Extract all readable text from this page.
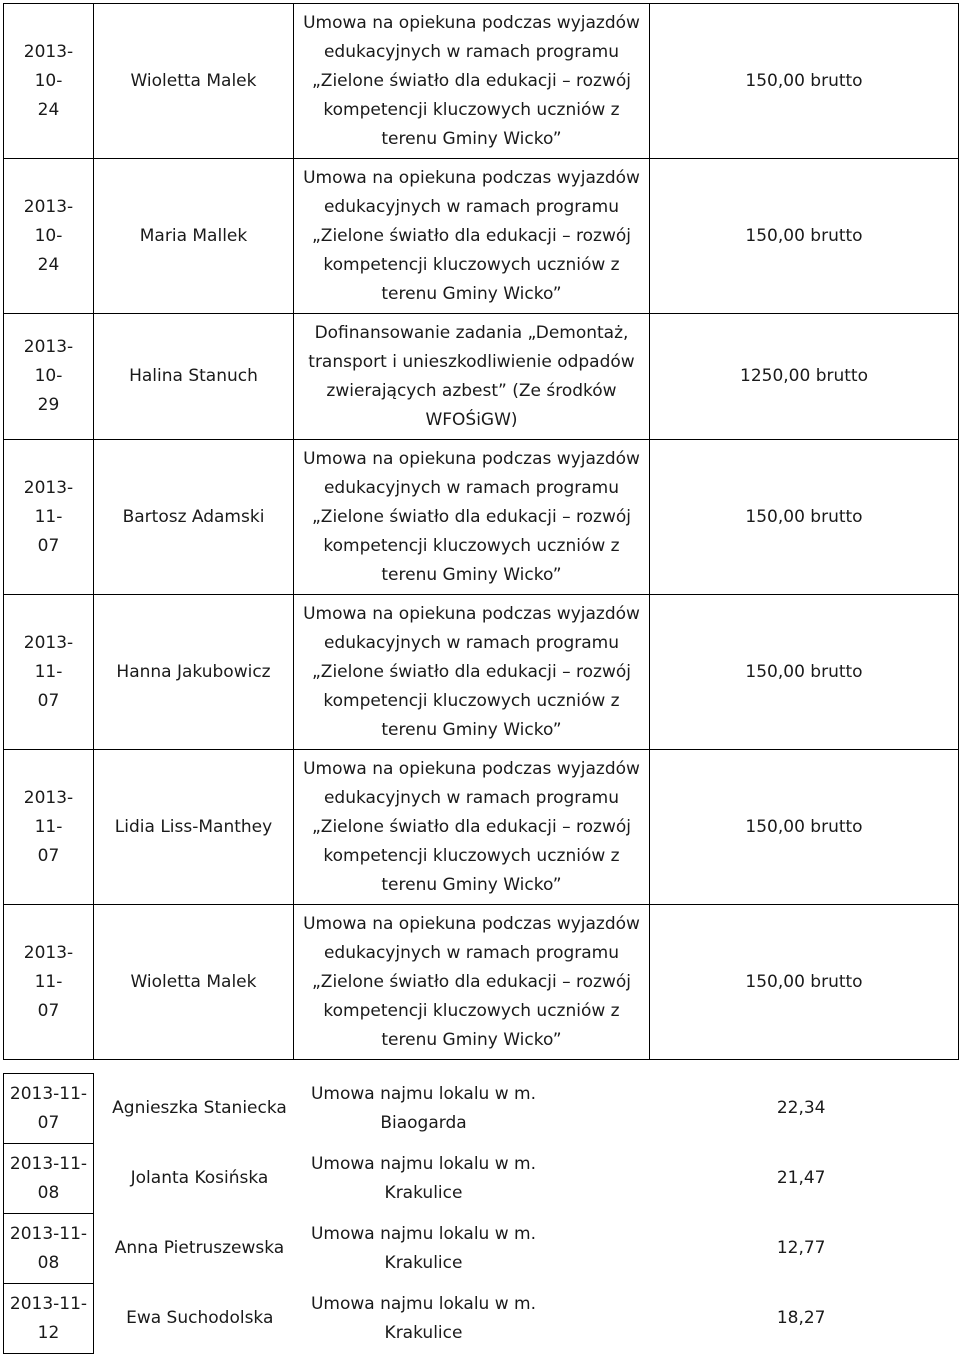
2013-10-
24	Wioletta Malek	Umowa na opiekuna podczas wyjazdów
edukacyjnych w ramach programu
„Zielone światło dla edukacji – rozwój
kompetencji kluczowych uczniów z
terenu Gminy Wicko”	150,00 brutto
2013-10-
24	Maria Mallek	Umowa na opiekuna podczas wyjazdów
edukacyjnych w ramach programu
„Zielone światło dla edukacji – rozwój
kompetencji kluczowych uczniów z
terenu Gminy Wicko”	150,00 brutto
2013-10-
29	Halina Stanuch	Dofinansowanie zadania „Demontaż,
transport i unieszkodliwienie odpadów
zwierających azbest” (Ze środków
WFOŚiGW)	1250,00 brutto
2013-11-
07	Bartosz Adamski	Umowa na opiekuna podczas wyjazdów
edukacyjnych w ramach programu
„Zielone światło dla edukacji – rozwój
kompetencji kluczowych uczniów z
terenu Gminy Wicko”	150,00 brutto
2013-11-
07	Hanna Jakubowicz	Umowa na opiekuna podczas wyjazdów
edukacyjnych w ramach programu
„Zielone światło dla edukacji – rozwój
kompetencji kluczowych uczniów z
terenu Gminy Wicko”	150,00 brutto
2013-11-
07	Lidia Liss-Manthey	Umowa na opiekuna podczas wyjazdów
edukacyjnych w ramach programu
„Zielone światło dla edukacji – rozwój
kompetencji kluczowych uczniów z
terenu Gminy Wicko”	150,00 brutto
2013-11-
07	Wioletta Malek	Umowa na opiekuna podczas wyjazdów
edukacyjnych w ramach programu
„Zielone światło dla edukacji – rozwój
kompetencji kluczowych uczniów z
terenu Gminy Wicko”	150,00 brutto
2013-11-
07	Agnieszka Staniecka	Umowa najmu lokalu w m. Biaogarda	22,34
2013-11-
08	Jolanta Kosińska	Umowa najmu lokalu w m. Krakulice	21,47
2013-11-
08	Anna Pietruszewska	Umowa najmu lokalu w m. Krakulice	12,77
2013-11-
12	Ewa Suchodolska	Umowa najmu lokalu w m. Krakulice	18,27
